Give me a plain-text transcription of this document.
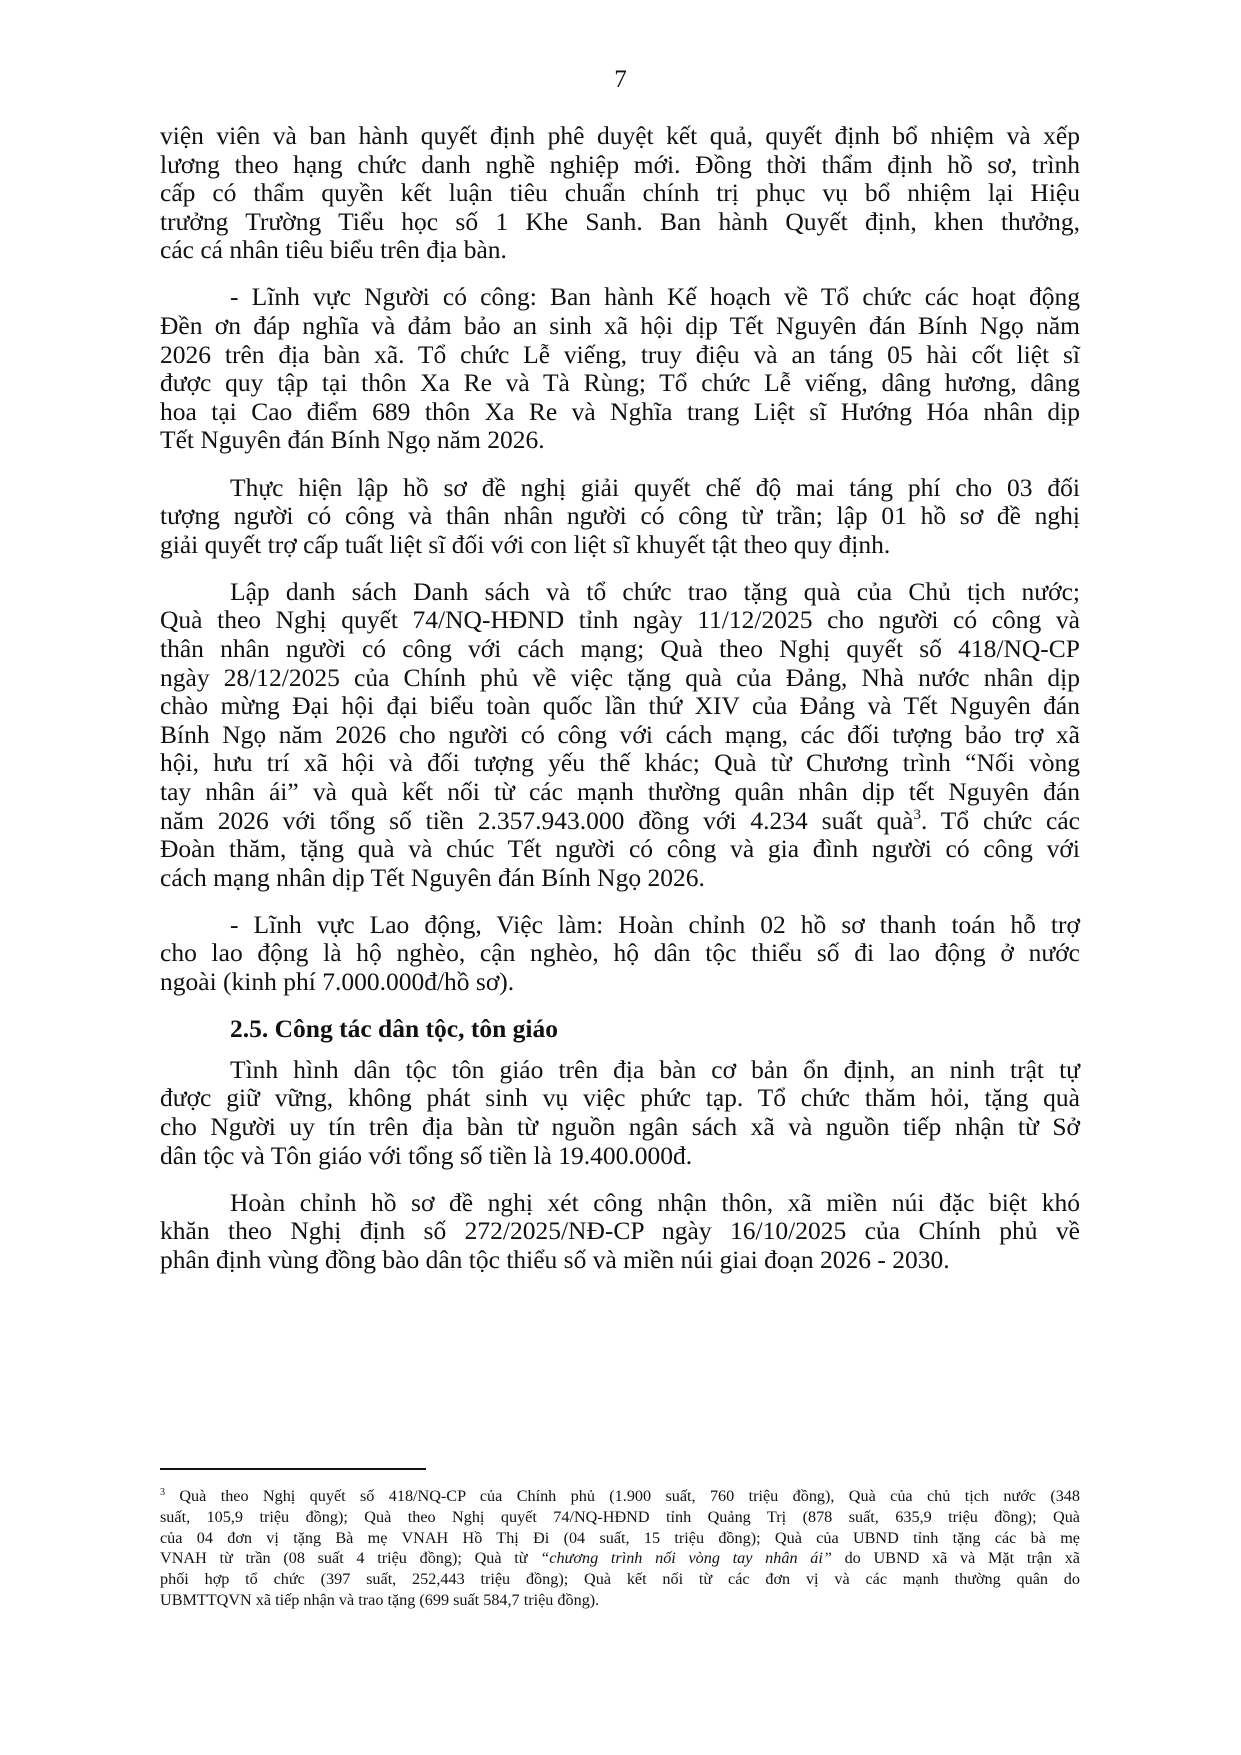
7
viện viên và ban hành quyết định phê duyệt kết quả, quyết định bổ nhiệm và xếp
lương theo hạng chức danh nghề nghiệp mới. Đồng thời thẩm định hồ sơ, trình
cấp có thẩm quyền kết luận tiêu chuẩn chính trị phục vụ bổ nhiệm lại Hiệu
trưởng Trường Tiểu học số 1 Khe Sanh. Ban hành Quyết định, khen thưởng,
các cá nhân tiêu biểu trên địa bàn.
- Lĩnh vực Người có công: Ban hành Kế hoạch về Tổ chức các hoạt động
Đền ơn đáp nghĩa và đảm bảo an sinh xã hội dịp Tết Nguyên đán Bính Ngọ năm
2026 trên địa bàn xã. Tổ chức Lễ viếng, truy điệu và an táng 05 hài cốt liệt sĩ
được quy tập tại thôn Xa Re và Tà Rùng; Tổ chức Lễ viếng, dâng hương, dâng
hoa tại Cao điểm 689 thôn Xa Re và Nghĩa trang Liệt sĩ Hướng Hóa nhân dịp
Tết Nguyên đán Bính Ngọ năm 2026.
Thực hiện lập hồ sơ đề nghị giải quyết chế độ mai táng phí cho 03 đối
tượng người có công và thân nhân người có công từ trần; lập 01 hồ sơ đề nghị
giải quyết trợ cấp tuất liệt sĩ đối với con liệt sĩ khuyết tật theo quy định.
Lập danh sách Danh sách và tổ chức trao tặng quà của Chủ tịch nước;
Quà theo Nghị quyết 74/NQ-HĐND tỉnh ngày 11/12/2025 cho người có công và
thân nhân người có công với cách mạng; Quà theo Nghị quyết số 418/NQ-CP
ngày 28/12/2025 của Chính phủ về việc tặng quà của Đảng, Nhà nước nhân dịp
chào mừng Đại hội đại biểu toàn quốc lần thứ XIV của Đảng và Tết Nguyên đán
Bính Ngọ năm 2026 cho người có công với cách mạng, các đối tượng bảo trợ xã
hội, hưu trí xã hội và đối tượng yếu thế khác; Quà từ Chương trình “Nối vòng
tay nhân ái” và quà kết nối từ các mạnh thường quân nhân dịp tết Nguyên đán
năm 2026 với tổng số tiền 2.357.943.000 đồng với 4.234 suất quà$^3$. Tổ chức các
Đoàn thăm, tặng quà và chúc Tết người có công và gia đình người có công với
cách mạng nhân dịp Tết Nguyên đán Bính Ngọ 2026.
- Lĩnh vực Lao động, Việc làm: Hoàn chỉnh 02 hồ sơ thanh toán hỗ trợ
cho lao động là hộ nghèo, cận nghèo, hộ dân tộc thiểu số đi lao động ở nước
ngoài (kinh phí 7.000.000đ/hồ sơ).
2.5. Công tác dân tộc, tôn giáo
Tình hình dân tộc tôn giáo trên địa bàn cơ bản ổn định, an ninh trật tự
được giữ vững, không phát sinh vụ việc phức tạp. Tổ chức thăm hỏi, tặng quà
cho Người uy tín trên địa bàn từ nguồn ngân sách xã và nguồn tiếp nhận từ Sở
dân tộc và Tôn giáo với tổng số tiền là 19.400.000đ.
Hoàn chỉnh hồ sơ đề nghị xét công nhận thôn, xã miền núi đặc biệt khó
khăn theo Nghị định số 272/2025/NĐ-CP ngày 16/10/2025 của Chính phủ về
phân định vùng đồng bào dân tộc thiểu số và miền núi giai đoạn 2026 - 2030.
$^3$ Quà theo Nghị quyết số 418/NQ-CP của Chính phủ (1.900 suất, 760 triệu đồng), Quà của chủ tịch nước (348
suất, 105,9 triệu đồng); Quà theo Nghị quyết 74/NQ-HĐND tỉnh Quảng Trị (878 suất, 635,9 triệu đồng); Quà
của 04 đơn vị tặng Bà mẹ VNAH Hồ Thị Đi (04 suất, 15 triệu đồng); Quà của UBND tỉnh tặng các bà mẹ
VNAH từ trần (08 suất 4 triệu đồng); Quà từ “chương trình nối vòng tay nhân ái” do UBND xã và Mặt trận xã
phối hợp tổ chức (397 suất, 252,443 triệu đồng); Quà kết nối từ các đơn vị và các mạnh thường quân do
UBMTTQVN xã tiếp nhận và trao tặng (699 suất 584,7 triệu đồng).
